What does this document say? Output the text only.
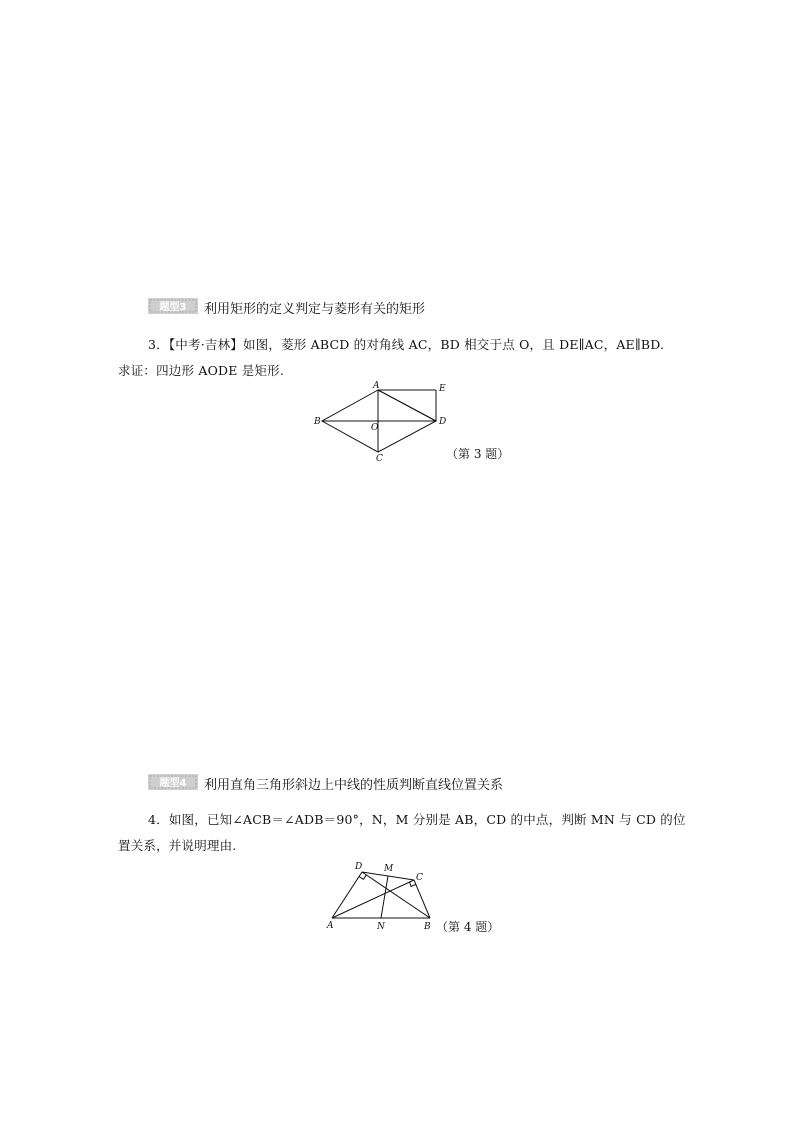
题型3 利用矩形的定义判定与菱形有关的矩形
3．【中考·吉林】如图，菱形 ABCD 的对角线 AC，BD 相交于点 O，且 DE∥AC，AE∥BD.
求证：四边形 AODE 是矩形.
A
B
C
D
E
O
（第 3 题）
题型4 利用直角三角形斜边上中线的性质判断直线位置关系
4．如图，已知∠ACB＝∠ADB＝90°，N，M 分别是 AB，CD 的中点，判断 MN 与 CD 的位
置关系，并说明理由.
D M
C
A	N	B （第 4 题）
